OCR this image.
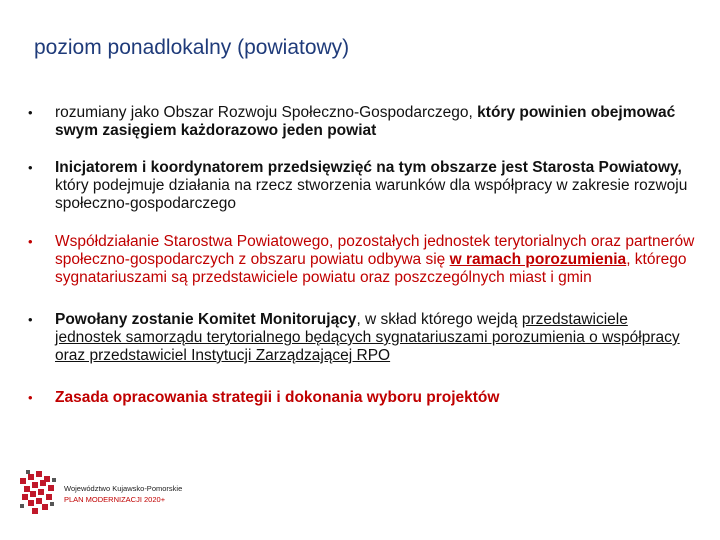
poziom ponadlokalny (powiatowy)
• rozumiany jako Obszar Rozwoju Społeczno-Gospodarczego, który powinien obejmować swym zasięgiem każdorazowo jeden powiat
• Inicjatorem i koordynatorem przedsięwzięć na tym obszarze jest Starosta Powiatowy, który podejmuje działania na rzecz stworzenia warunków dla współpracy w zakresie rozwoju społeczno-gospodarczego
• Współdziałanie Starostwa Powiatowego, pozostałych jednostek terytorialnych oraz partnerów społeczno-gospodarczych z obszaru powiatu odbywa się w ramach porozumienia, którego sygnatariuszami są przedstawiciele powiatu oraz poszczególnych miast i gmin
• Powołany zostanie Komitet Monitorujący, w skład którego wejdą przedstawiciele jednostek samorządu terytorialnego będących sygnatariuszami porozumienia o współpracy oraz przedstawiciel Instytucji Zarządzającej RPO
• Zasada opracowania strategii i dokonania wyboru projektów
Województwo Kujawsko-Pomorskie
PLAN MODERNIZACJI 2020+
